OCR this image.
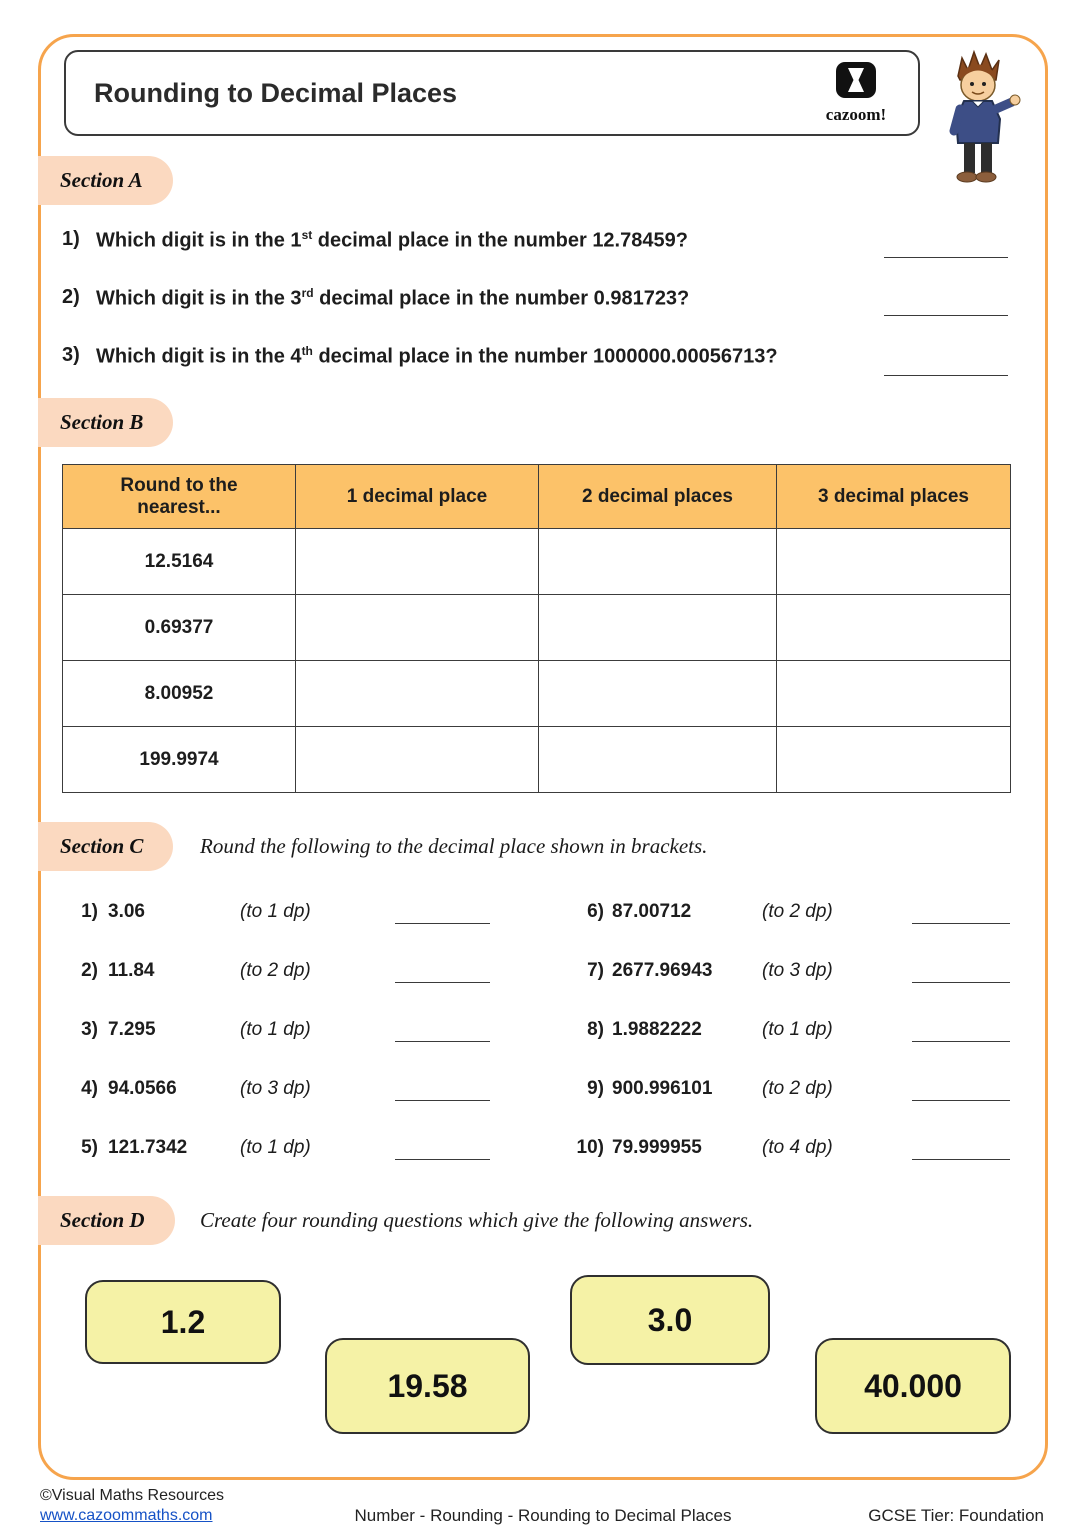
Rounding to Decimal Places
cazoom!
Section A
1) Which digit is in the 1st decimal place in the number 12.78459?
2) Which digit is in the 3rd decimal place in the number 0.981723?
3) Which digit is in the 4th decimal place in the number 1000000.00056713?
Section B
Round to the nearest...	1 decimal place	2 decimal places	3 decimal places
12.5164			
0.69377			
8.00952			
199.9974			
Section C	Round the following to the decimal place shown in brackets.
1) 3.06	(to 1 dp)
2) 11.84	(to 2 dp)
3) 7.295	(to 1 dp)
4) 94.0566	(to 3 dp)
5) 121.7342	(to 1 dp)
6) 87.00712	(to 2 dp)
7) 2677.96943	(to 3 dp)
8) 1.9882222	(to 1 dp)
9) 900.996101	(to 2 dp)
10) 79.999955	(to 4 dp)
Section D	Create four rounding questions which give the following answers.
1.2
19.58
3.0
40.000
©Visual Maths Resources
www.cazoommaths.com	Number - Rounding - Rounding to Decimal Places	GCSE Tier: Foundation
